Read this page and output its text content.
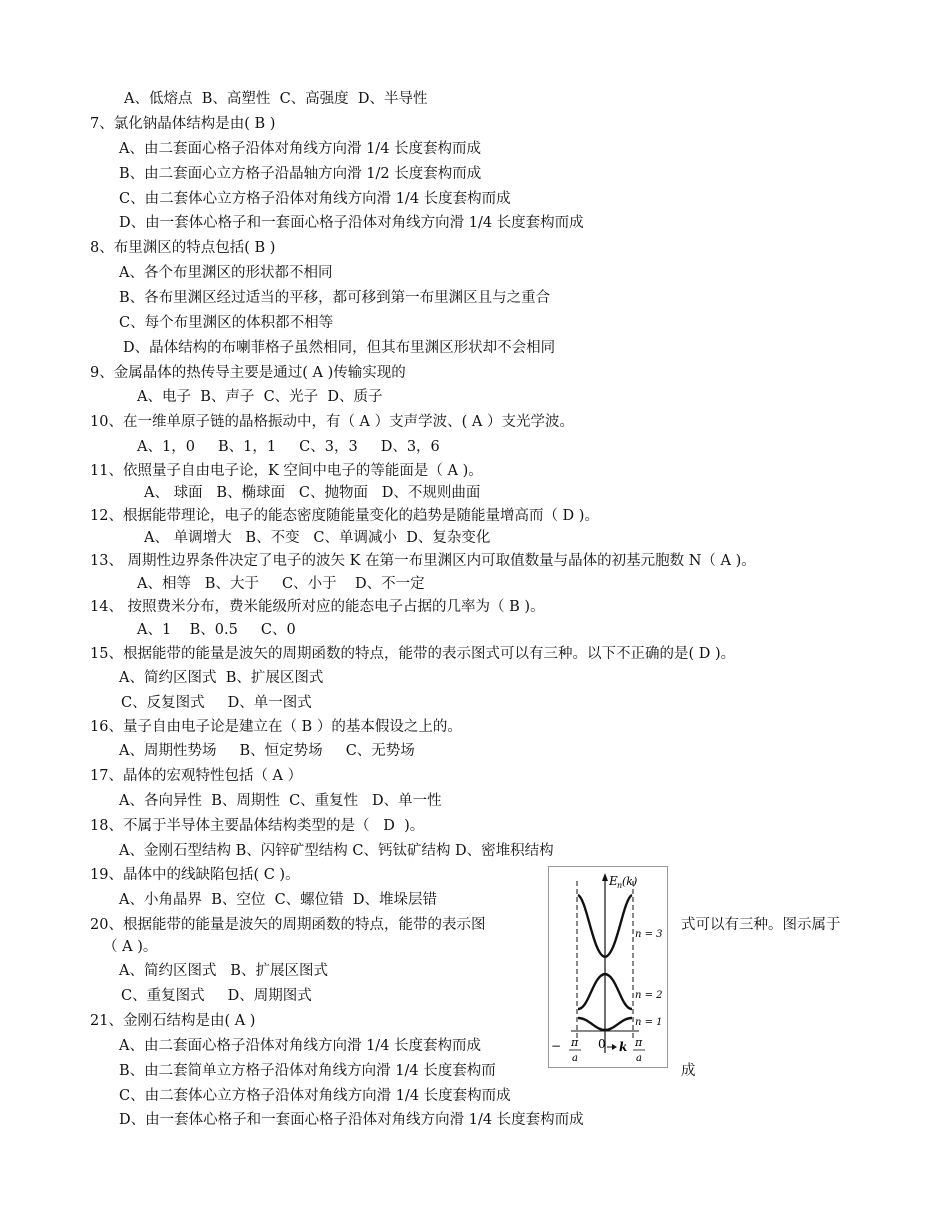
A、低熔点  B、高塑性  C、高强度  D、半导性
7、氯化钠晶体结构是由( B )
A、由二套面心格子沿体对角线方向滑 1/4 长度套构而成
B、由二套面心立方格子沿晶轴方向滑 1/2 长度套构而成
C、由二套体心立方格子沿体对角线方向滑 1/4 长度套构而成
D、由一套体心格子和一套面心格子沿体对角线方向滑 1/4 长度套构而成
8、布里渊区的特点包括( B )
A、各个布里渊区的形状都不相同
B、各布里渊区经过适当的平移，都可移到第一布里渊区且与之重合
C、每个布里渊区的体积都不相等
D、晶体结构的布喇菲格子虽然相同，但其布里渊区形状却不会相同
9、金属晶体的热传导主要是通过( A )传输实现的
A、电子  B、声子  C、光子  D、质子
10、在一维单原子链的晶格振动中，有（ A ）支声学波、( A ）支光学波。
A、1，0     B、1，1     C、3，3     D、3，6
11、依照量子自由电子论，K 空间中电子的等能面是（ A )。
A、 球面   B、椭球面   C、抛物面   D、不规则曲面
12、根据能带理论，电子的能态密度随能量变化的趋势是随能量增高而（ D )。
A、 单调增大   B、不变   C、单调减小  D、复杂变化
13、 周期性边界条件决定了电子的波矢 K 在第一布里渊区内可取值数量与晶体的初基元胞数 N（ A )。
A、相等   B、大于     C、小于    D、不一定
14、 按照费米分布，费米能级所对应的能态电子占据的几率为（ B )。
A、1    B、0.5     C、0
15、根据能带的能量是波矢的周期函数的特点，能带的表示图式可以有三种。以下不正确的是( D )。
A、简约区图式  B、扩展区图式
C、反复图式     D、单一图式
16、量子自由电子论是建立在（ B ）的基本假设之上的。
A、周期性势场     B、恒定势场     C、无势场
17、晶体的宏观特性包括（ A ）
A、各向异性  B、周期性  C、重复性   D、单一性
18、不属于半导体主要晶体结构类型的是（   D  )。
A、金刚石型结构 B、闪锌矿型结构 C、钙钛矿结构 D、密堆积结构
19、晶体中的线缺陷包括( C )。
A、小角晶界  B、空位  C、螺位错  D、堆垛层错
20、根据能带的能量是波矢的周期函数的特点，能带的表示图	式可以有三种。图示属于
（ A )。
A、简约区图式   B、扩展区图式
C、重复图式     D、周期图式
21、金刚石结构是由( A )
A、由二套面心格子沿体对角线方向滑 1/4 长度套构而成
B、由二套简单立方格子沿体对角线方向滑 1/4 长度套构而	成
C、由二套体心立方格子沿体对角线方向滑 1/4 长度套构而成
D、由一套体心格子和一套面心格子沿体对角线方向滑 1/4 长度套构而成
E n (k)
n = 3
n = 2
n = 1
− π
a
0 k π
a
